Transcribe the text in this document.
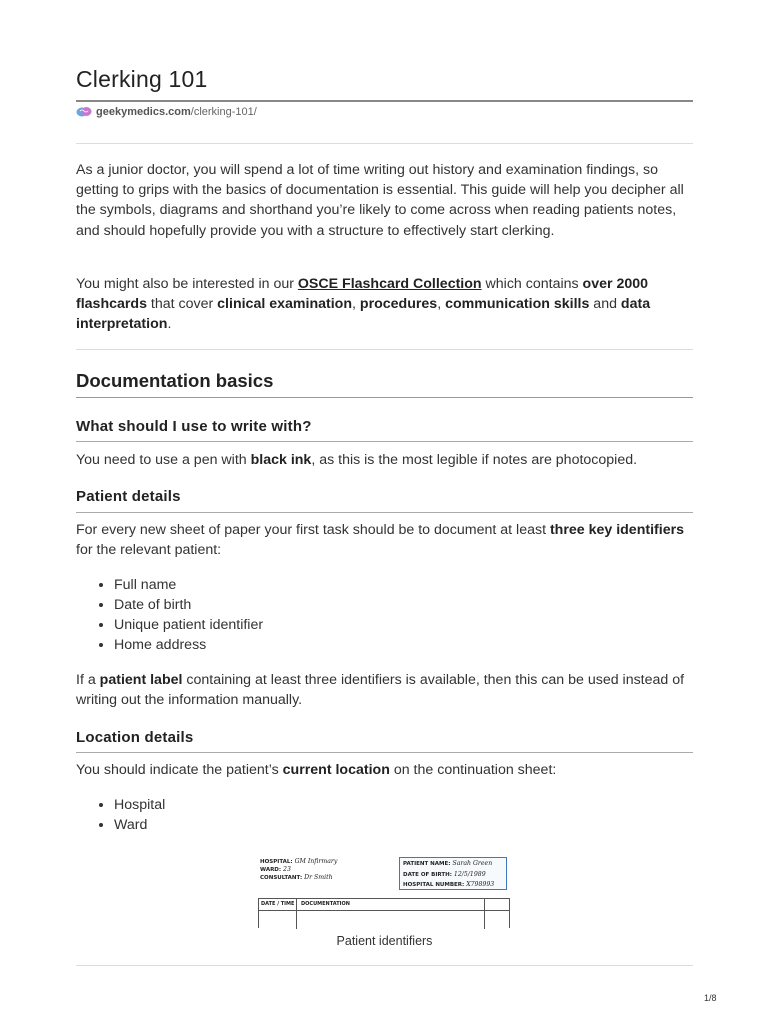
Clerking 101
geekymedics.com /clerking-101/

As a junior doctor, you will spend a lot of time writing out history and examination findings, so getting to grips with the basics of documentation is essential. This guide will help you decipher all the symbols, diagrams and shorthand you’re likely to come across when reading patients notes, and should hopefully provide you with a structure to effectively start clerking.

You might also be interested in our OSCE Flashcard Collection which contains over 2000 flashcards that cover clinical examination, procedures, communication skills and data interpretation.

Documentation basics
What should I use to write with?

You need to use a pen with black ink, as this is the most legible if notes are photocopied.

Patient details

For every new sheet of paper your first task should be to document at least three key identifiers for the relevant patient:

• Full name
• Date of birth
• Unique patient identifier
• Home address

If a patient label containing at least three identifiers is available, then this can be used instead of writing out the information manually.

Location details

You should indicate the patient’s current location on the continuation sheet:

• Hospital
• Ward
HOSPITAL: GM Infirmary
WARD: 23
CONSULTANT: Dr Smith
PATIENT NAME: Sarah Green
DATE OF BIRTH: 12/5/1989
HOSPITAL NUMBER: X798993
DATE / TIME DOCUMENTATION
Patient identifiers
1/8
